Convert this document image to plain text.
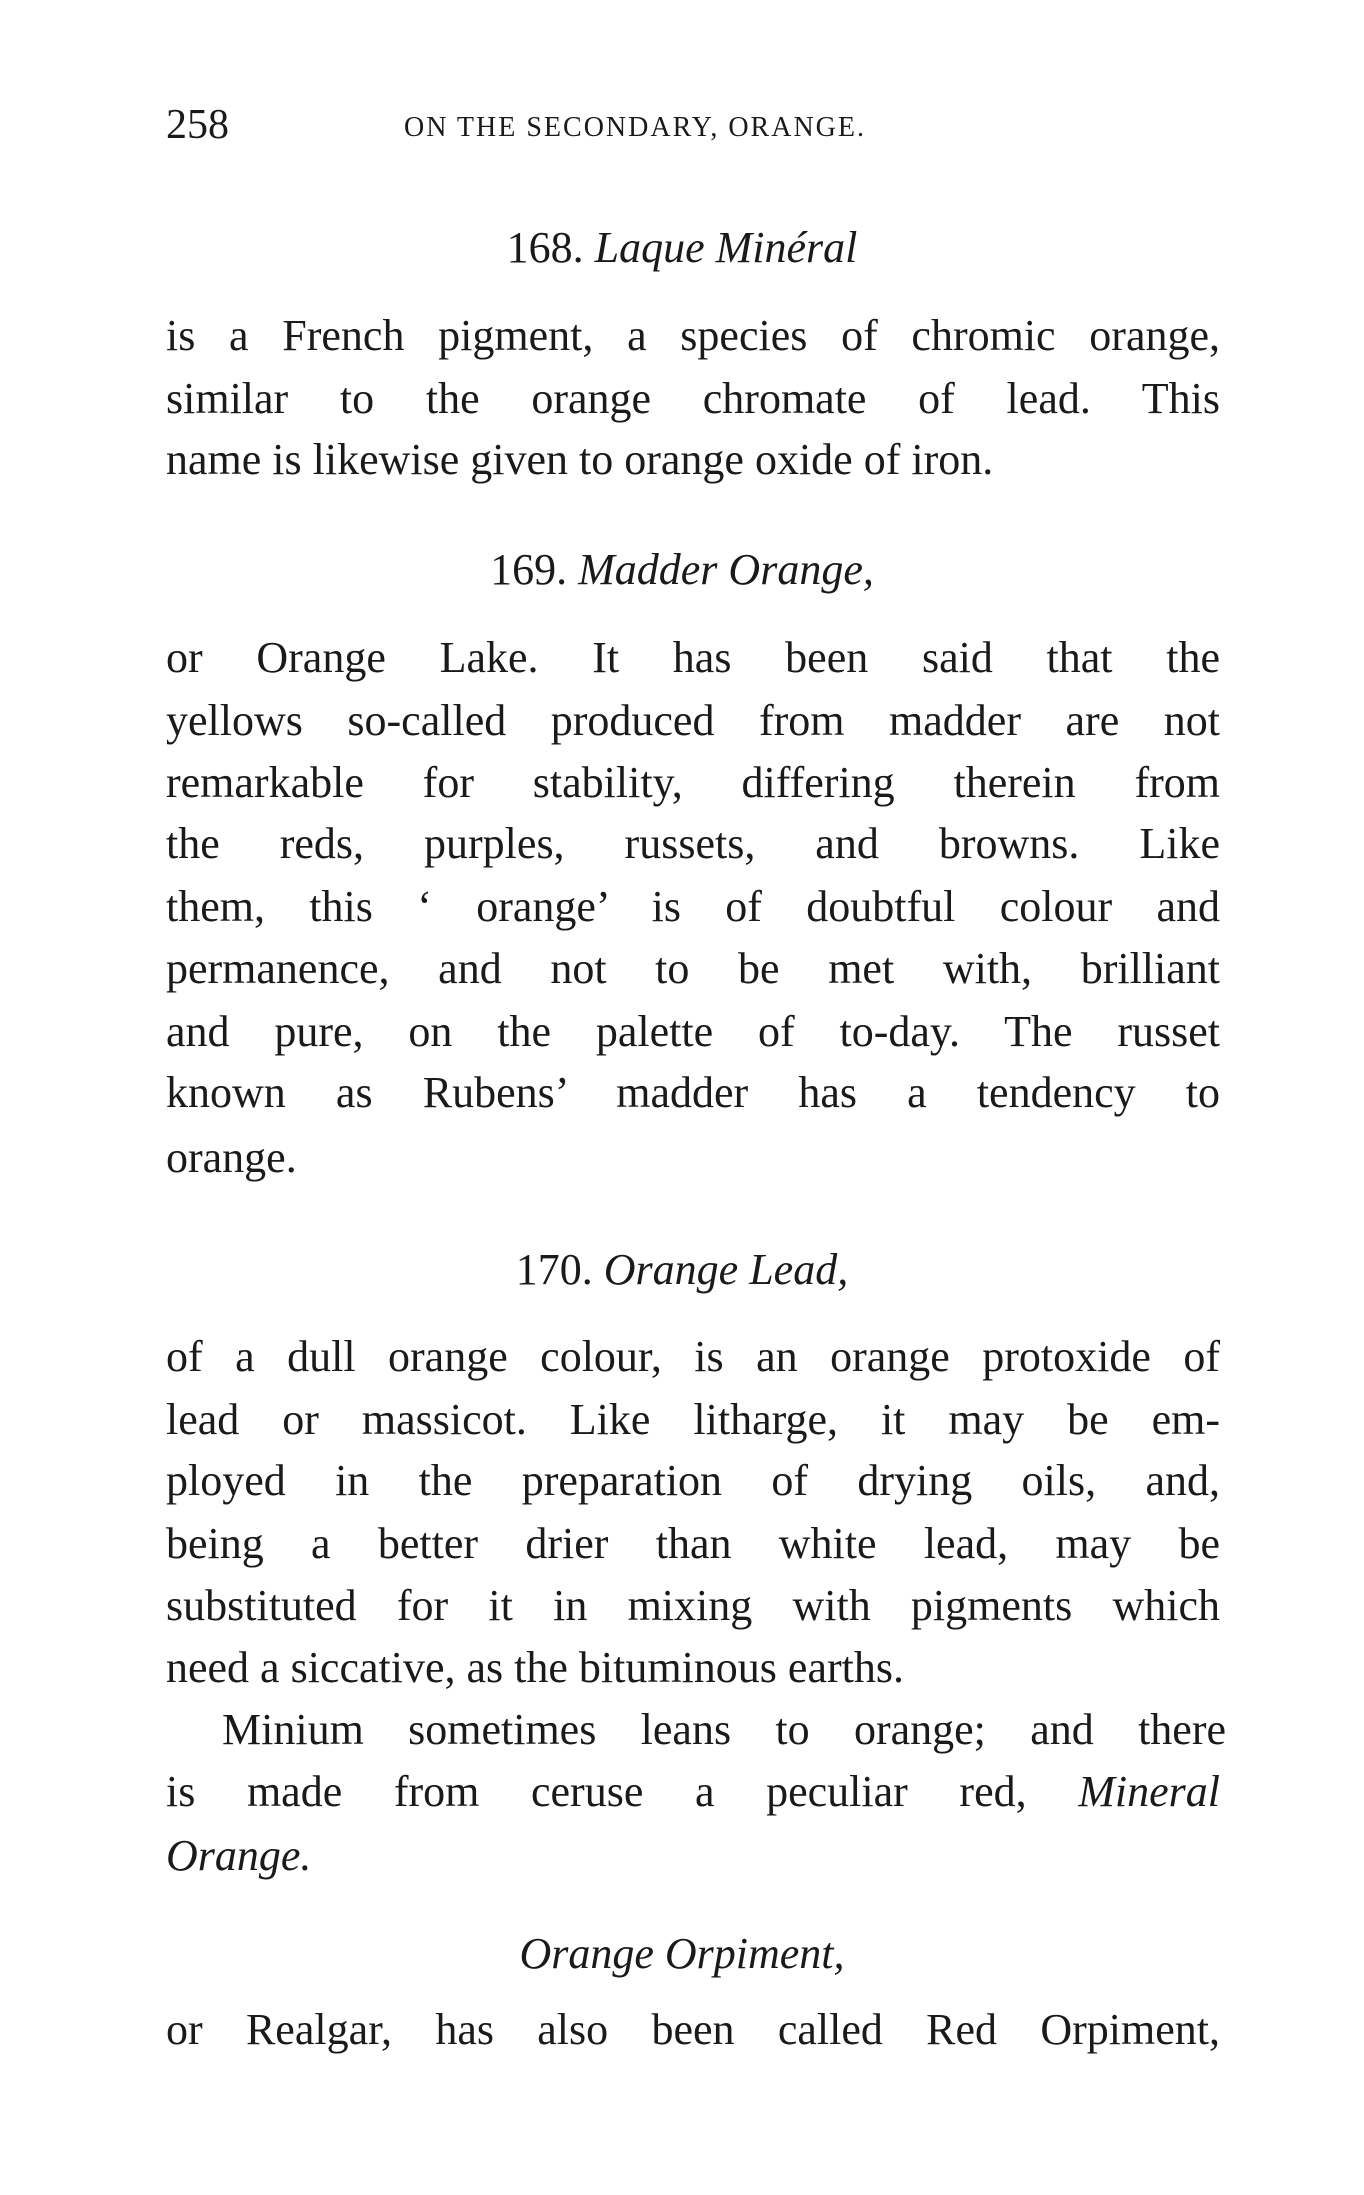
258	ON THE SECONDARY, ORANGE.
168. Laque Minéral
is a French pigment, a species of chromic orange,
similar to the orange chromate of lead. This
name is likewise given to orange oxide of iron.
169. Madder Orange,
or Orange Lake. It has been said that the
yellows so-called produced from madder are not
remarkable for stability, differing therein from
the reds, purples, russets, and browns. Like
them, this ‘ orange’ is of doubtful colour and
permanence, and not to be met with, brilliant
and pure, on the palette of to-day. The russet
known as Rubens’ madder has a tendency to
orange.
170. Orange Lead,
of a dull orange colour, is an orange protoxide of
lead or massicot. Like litharge, it may be em-
ployed in the preparation of drying oils, and,
being a better drier than white lead, may be
substituted for it in mixing with pigments which
need a siccative, as the bituminous earths.
Minium sometimes leans to orange; and there
is made from ceruse a peculiar red, Mineral
Orange.
Orange Orpiment,
or Realgar, has also been called Red Orpiment,
